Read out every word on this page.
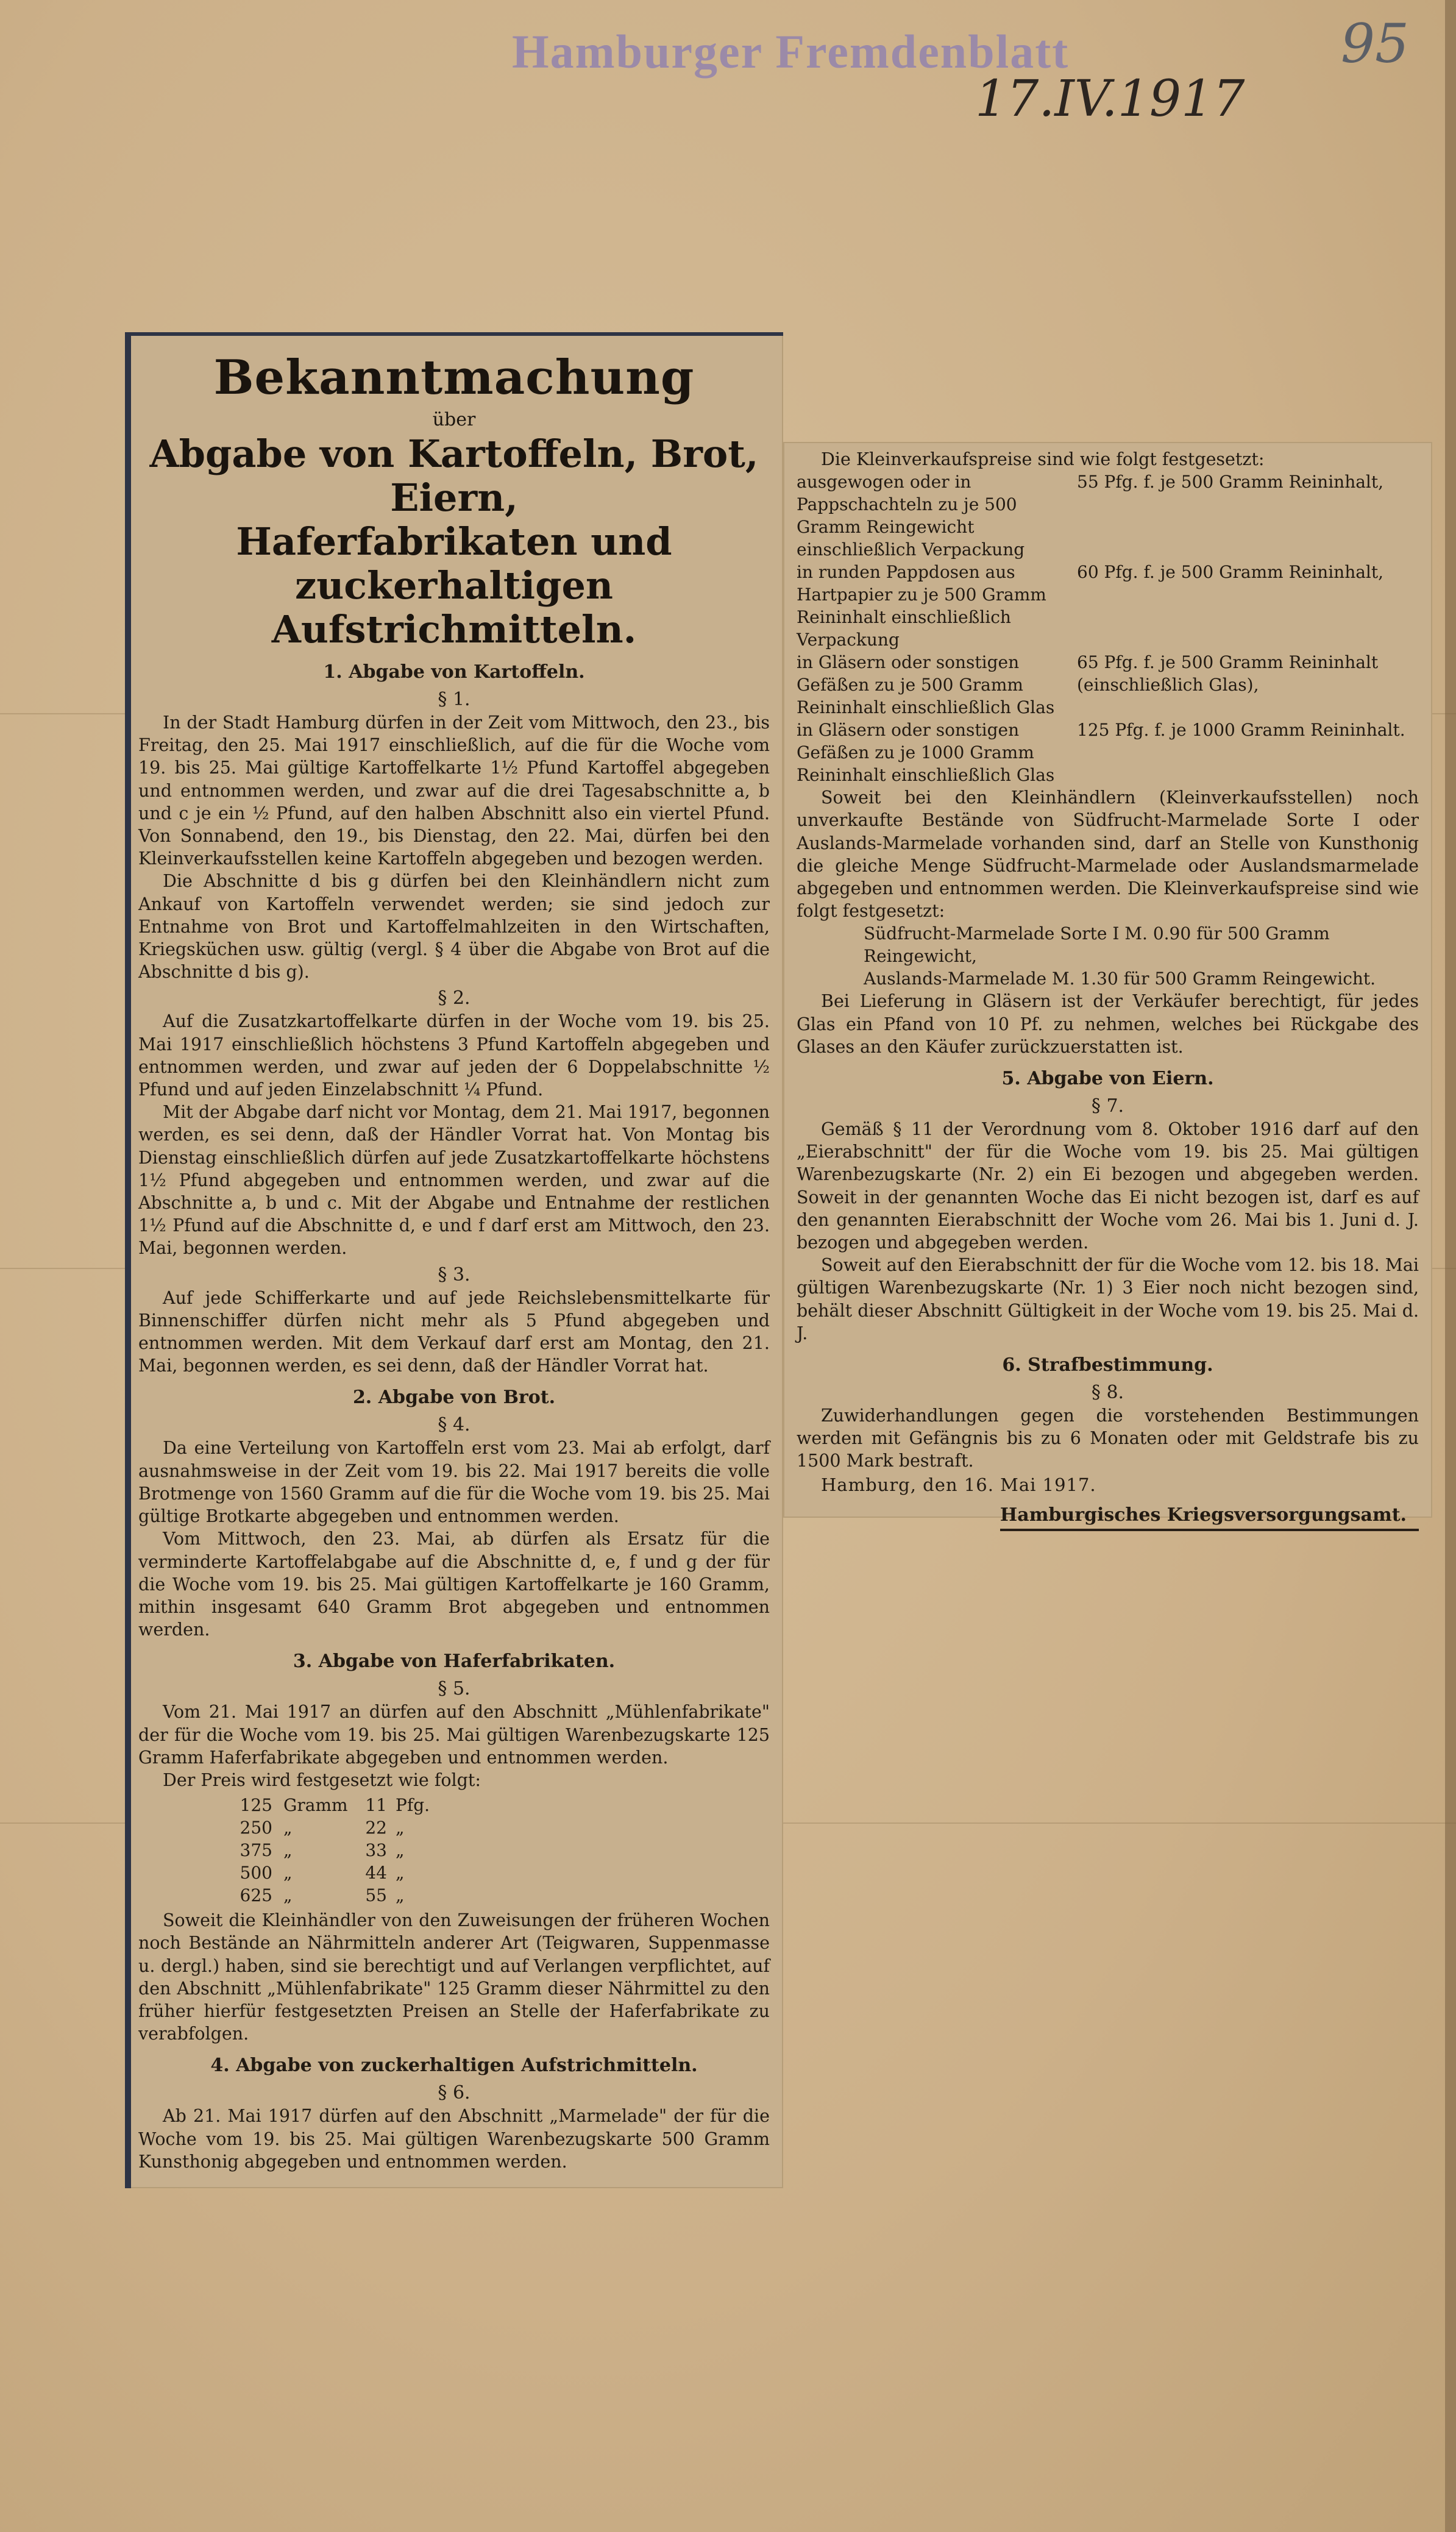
Hamburger Fremdenblatt
17.IV.1917
95
Bekanntmachung
über
Abgabe von Kartoffeln, Brot, Eiern,
Haferfabrikaten und
zuckerhaltigen Aufstrichmitteln.
1. Abgabe von Kartoffeln.
§ 1.

In der Stadt Hamburg dürfen in der Zeit vom Mittwoch, den 23., bis Freitag, den 25. Mai 1917 einschließlich, auf die für die Woche vom 19. bis 25. Mai gültige Kartoffelkarte 1½ Pfund Kartoffel abgegeben und entnommen werden, und zwar auf die drei Tagesabschnitte a, b und c je ein ½ Pfund, auf den halben Abschnitt also ein viertel Pfund. Von Sonnabend, den 19., bis Dienstag, den 22. Mai, dürfen bei den Kleinverkaufsstellen keine Kartoffeln abgegeben und bezogen werden.

Die Abschnitte d bis g dürfen bei den Kleinhändlern nicht zum Ankauf von Kartoffeln verwendet werden; sie sind jedoch zur Entnahme von Brot und Kartoffelmahlzeiten in den Wirtschaften, Kriegsküchen usw. gültig (vergl. § 4 über die Abgabe von Brot auf die Abschnitte d bis g).

§ 2.

Auf die Zusatzkartoffelkarte dürfen in der Woche vom 19. bis 25. Mai 1917 einschließlich höchstens 3 Pfund Kartoffeln abgegeben und entnommen werden, und zwar auf jeden der 6 Doppelabschnitte ½ Pfund und auf jeden Einzelabschnitt ¼ Pfund.

Mit der Abgabe darf nicht vor Montag, dem 21. Mai 1917, begonnen werden, es sei denn, daß der Händler Vorrat hat. Von Montag bis Dienstag einschließlich dürfen auf jede Zusatzkartoffelkarte höchstens 1½ Pfund abgegeben und entnommen werden, und zwar auf die Abschnitte a, b und c. Mit der Abgabe und Entnahme der restlichen 1½ Pfund auf die Abschnitte d, e und f darf erst am Mittwoch, den 23. Mai, begonnen werden.

§ 3.

Auf jede Schifferkarte und auf jede Reichslebensmittelkarte für Binnenschiffer dürfen nicht mehr als 5 Pfund abgegeben und entnommen werden. Mit dem Verkauf darf erst am Montag, den 21. Mai, begonnen werden, es sei denn, daß der Händler Vorrat hat.

2. Abgabe von Brot.
§ 4.

Da eine Verteilung von Kartoffeln erst vom 23. Mai ab erfolgt, darf ausnahmsweise in der Zeit vom 19. bis 22. Mai 1917 bereits die volle Brotmenge von 1560 Gramm auf die für die Woche vom 19. bis 25. Mai gültige Brotkarte abgegeben und entnommen werden.

Vom Mittwoch, den 23. Mai, ab dürfen als Ersatz für die verminderte Kartoffelabgabe auf die Abschnitte d, e, f und g der für die Woche vom 19. bis 25. Mai gültigen Kartoffelkarte je 160 Gramm, mithin insgesamt 640 Gramm Brot abgegeben und entnommen werden.

3. Abgabe von Haferfabrikaten.
§ 5.

Vom 21. Mai 1917 an dürfen auf den Abschnitt „Mühlenfabrikate" der für die Woche vom 19. bis 25. Mai gültigen Warenbezugskarte 125 Gramm Haferfabrikate abgegeben und entnommen werden.

Der Preis wird festgesetzt wie folgt:

125 Gramm	11 Pfg.
250 „	22 „
375 „	33 „
500 „	44 „
625 „	55 „

Soweit die Kleinhändler von den Zuweisungen der früheren Wochen noch Bestände an Nährmitteln anderer Art (Teigwaren, Suppenmasse u. dergl.) haben, sind sie berechtigt und auf Verlangen verpflichtet, auf den Abschnitt „Mühlenfabrikate" 125 Gramm dieser Nährmittel zu den früher hierfür festgesetzten Preisen an Stelle der Haferfabrikate zu verabfolgen.

4. Abgabe von zuckerhaltigen Aufstrichmitteln.
§ 6.

Ab 21. Mai 1917 dürfen auf den Abschnitt „Marmelade" der für die Woche vom 19. bis 25. Mai gültigen Warenbezugskarte 500 Gramm Kunsthonig abgegeben und entnommen werden.

Die Kleinverkaufspreise sind wie folgt festgesetzt:

ausgewogen oder in Pappschachteln zu je 500 Gramm Reingewicht einschließlich Verpackung
55 Pfg. f. je 500 Gramm Reininhalt,
in runden Pappdosen aus Hartpapier zu je 500 Gramm Reininhalt einschließlich Verpackung
60 Pfg. f. je 500 Gramm Reininhalt,
in Gläsern oder sonstigen Gefäßen zu je 500 Gramm Reininhalt einschließlich Glas
65 Pfg. f. je 500 Gramm Reininhalt (einschließlich Glas),
in Gläsern oder sonstigen Gefäßen zu je 1000 Gramm Reininhalt einschließlich Glas
125 Pfg. f. je 1000 Gramm Reininhalt.

Soweit bei den Kleinhändlern (Kleinverkaufsstellen) noch unverkaufte Bestände von Südfrucht-Marmelade Sorte I oder Auslands-Marmelade vorhanden sind, darf an Stelle von Kunsthonig die gleiche Menge Südfrucht-Marmelade oder Auslandsmarmelade abgegeben und entnommen werden. Die Kleinverkaufspreise sind wie folgt festgesetzt:

Südfrucht-Marmelade Sorte I M. 0.90 für 500 Gramm Reingewicht,
Auslands-Marmelade M. 1.30 für 500 Gramm Reingewicht.

Bei Lieferung in Gläsern ist der Verkäufer berechtigt, für jedes Glas ein Pfand von 10 Pf. zu nehmen, welches bei Rückgabe des Glases an den Käufer zurückzuerstatten ist.

5. Abgabe von Eiern.
§ 7.

Gemäß § 11 der Verordnung vom 8. Oktober 1916 darf auf den „Eierabschnitt" der für die Woche vom 19. bis 25. Mai gültigen Warenbezugskarte (Nr. 2) ein Ei bezogen und abgegeben werden. Soweit in der genannten Woche das Ei nicht bezogen ist, darf es auf den genannten Eierabschnitt der Woche vom 26. Mai bis 1. Juni d. J. bezogen und abgegeben werden.

Soweit auf den Eierabschnitt der für die Woche vom 12. bis 18. Mai gültigen Warenbezugskarte (Nr. 1) 3 Eier noch nicht bezogen sind, behält dieser Abschnitt Gültigkeit in der Woche vom 19. bis 25. Mai d. J.

6. Strafbestimmung.
§ 8.

Zuwiderhandlungen gegen die vorstehenden Bestimmungen werden mit Gefängnis bis zu 6 Monaten oder mit Geldstrafe bis zu 1500 Mark bestraft.

Hamburg, den 16. Mai 1917.
Hamburgisches Kriegsversorgungsamt.
